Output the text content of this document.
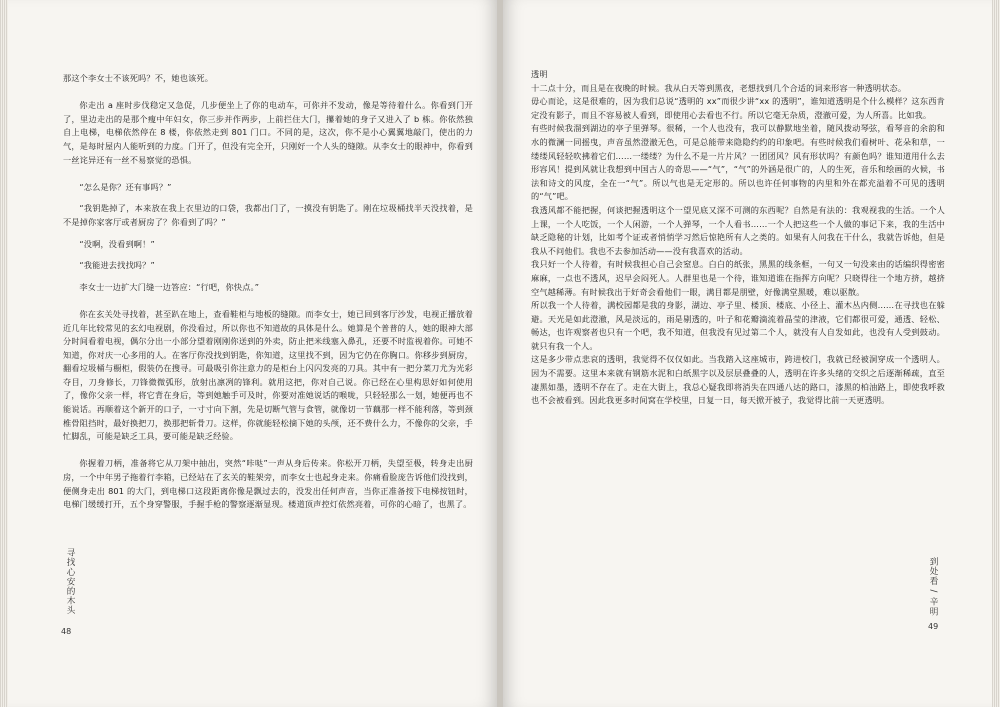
那这个李女士不该死吗？不，她也该死。

你走出 a 座时步伐稳定又急促，几步便坐上了你的电动车，可你并不发动，像是等待着什么。你看到门开了，里边走出的是那个瘦中年妇女，你三步并作两步，上前拦住大门，攥着她的身子又进入了 b 栋。你依然独自上电梯，电梯依然停在 8 楼，你依然走到 801 门口。不同的是，这次，你不是小心翼翼地敲门，使出的力气，是每时屋内人能听到的力度。门开了，但没有完全开，只刚好一个人头的缝隙。从李女士的眼神中，你看到一丝诧异还有一丝不易察觉的恐惧。

“怎么是你？还有事吗？”

“我钥匙掉了，本来放在我上衣里边的口袋，我都出门了，一摸没有钥匙了。刚在垃圾桶找半天没找着，是不是掉你家客厅或者厨房了？你看到了吗？”

“没啊，没看到啊！”

“我能进去找找吗？”

李女士一边扩大门缝一边答应：“行吧，你快点。”

你在玄关处寻找着，甚至趴在地上，查看鞋柜与地板的缝隙。而李女士，她已回到客厅沙发，电视正播放着近几年比较常见的玄幻电视剧，你没看过，所以你也不知道故的具体是什么。她算是个普普的人，她的眼神大部分时间看着电视，偶尔分出一小部分望着刚刚你送到的外卖，防止把米线塞入鼻孔，还要不时监视着你。可她不知道，你对庆一心多用的人。在客厅你没找到钥匙，你知道，这里找不到，因为它仍在你胸口。你移步到厨房，翻看垃圾桶与橱柜，假装仍在搜寻。可最吸引你注意力的是柜台上闪闪发亮的刀具。其中有一把分菜刀尤为光彩夺目，刀身修长，刀锋微微弧形，放射出凛冽的锋利。就用这把，你对自己说。你已经在心里构思好如何使用了，像你父亲一样，将它背在身后，等到她触手可及时，你要对准她说话的喉咙，只轻轻那么一划，她便再也不能说话。再顺着这个新开的口子，一寸寸向下割，先是切断气管与食管，就像切一节藕那一样不能利落，等到颈椎骨阻挡时，最好换把刀，换那把斩骨刀。这样，你就能轻松摘下她的头颅，还不费什么力，不像你的父亲，手忙脚乱，可能是缺乏工具，要可能是缺乏经验。

你握着刀柄，准备将它从刀架中抽出，突然“咔哒”一声从身后传来。你松开刀柄，失望至极，转身走出厨房，一个中年男子拖着行李箱，已经站在了玄关的鞋架旁，而李女士也起身走来。你痛看脸庞告诉他们没找到，便侧身走出 801 的大门，到电梯口这段距离你像是飘过去的，没发出任何声音，当你正准备按下电梯按钮时，电梯门缓缓打开，五个身穿警服，手握手枪的警察逐渐显现。楼道顶声控灯依然亮着，可你的心暗了，也黑了。

寻找心安的木头
48

透明

十二点十分，而且是在夜晚的时候。我从白天等到黑夜，老想找到几个合适的词来形容一种透明状态。

毋心而论，这是很难的，因为我们总说“透明的 xx”而很少讲“xx 的透明”，谁知道透明是个什么模样？这东西肯定没有影子，而且不容易被人看到，即使用心去看也不行。所以它毫无杂质，澄澈可爱，为人所喜。比如我。

有些时候我溜到湖边的亭子里弹琴。很稀，一个人也没有，我可以静默地坐着，随风拨动琴弦，看琴音的余韵和水的微澜一同摇曳，声音虽然澄澈无色，可是总能带来隐隐约约的印象吧。有些时候我们看树叶、花朵和草，一缕缕风轻轻吹拂着它们……一缕缕？为什么不是一片片风？一团团风？风有形状吗？有颜色吗？谁知道用什么去形容风！提到风就让我想到中国古人的奇思——“气”，“气”的外涵是很广的，人的生死，音乐和绘画的火候，书法和诗文的风度，全在一“气”。所以气也是无定形的。所以也许任何事物的内里和外在都充溢着不可见的透明的“气”吧。

我透风都不能把握，何谈把握透明这个一望见底又深不可测的东西呢？自然是有法的：我观视我的生活。一个人上课，一个人吃饭，一个人闲游，一个人弹琴，一个人看书……一个人把这些一个人做的事记下来，我的生活中缺乏隐秘的计划，比如考个证或者悄悄学习然后惊艳所有人之类的。如果有人问我在干什么，我就告诉他，但是我从不问他们。我也不去参加活动——没有我喜欢的活动。

我只好一个人待着，有时候我担心自己会窒息。白白的纸张，黑黑的线条框，一句又一句没来由的话编织得密密麻麻，一点也不透风，迟早会闷死人。人群里也是一个待，谁知道谁在指挥方向呢？只晓得往一个地方挤，越挤空气越稀薄。有时候我出于好奇会看他们一眼，满目都是朋壁，好像满堂黑暖，难以驱散。

所以我一个人待着，满校园都是我的身影，湖边、亭子里、楼顶、楼底、小径上、灌木丛内侧……在寻找也在躲避。天光是如此澄澈，风是淡远的，雨是剔透的，叶子和花瓣滴流着晶莹的津液，它们都很可爱，通透、轻松、畅达，也许观察者也只有一个吧，我不知道，但我没有见过第二个人，就没有人自发如此，也没有人受到鼓动。就只有我一个人。

这是多少带点悲哀的透明，我觉得不仅仅如此。当我踏入这座城市，跨进校门，我就已经被洞穿成一个透明人。因为不需要。这里本来就有钢筋水泥和白纸黑字以及层层叠叠的人，透明在许多头绪的交织之后逐渐稀疏，直至凄黑如墨，透明不存在了。走在大街上，我总心疑我即将消失在四通八达的路口，漆黑的柏油路上，即使我呼救也不会被看到。因此我更多时间窝在学校里，日复一日，每天掀开被子，我觉得比前一天更透明。

到处看 / 辛明
49
